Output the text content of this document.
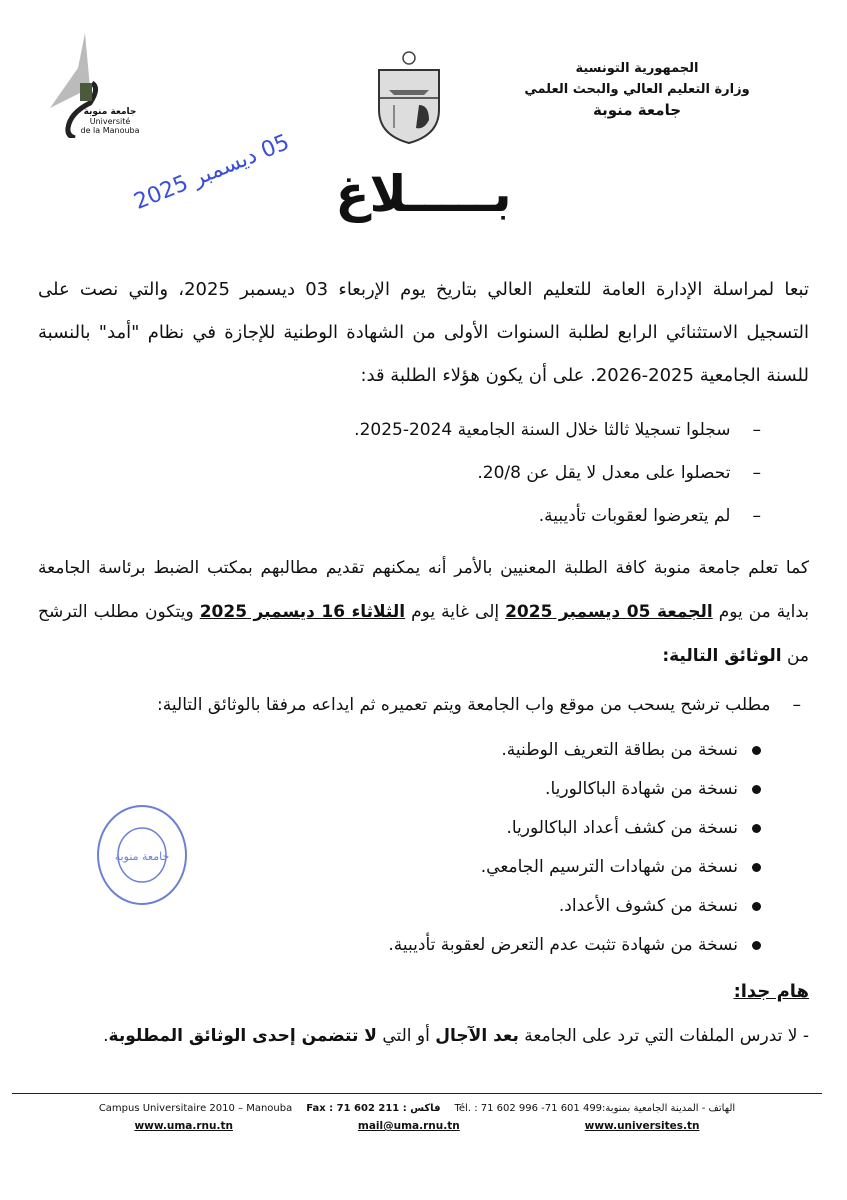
الجمهورية التونسية
وزارة التعليم العالي والبحث العلمي
جامعة منوبة
جامعة منوبة
Université
de la Manouba
05 ديسمبر 2025
بـــــلاغ
جامعة منوبة

تبعا لمراسلة الإدارة العامة للتعليم العالي بتاريخ يوم الإربعاء 03 ديسمبر 2025، والتي نصت على التسجيل الاستثنائي الرابع لطلبة السنوات الأولى من الشهادة الوطنية للإجازة في نظام "أمد" بالنسبة للسنة الجامعية 2025-2026. على أن يكون هؤلاء الطلبة قد:

–سجلوا تسجيلا ثالثا خلال السنة الجامعية 2024-2025.
–تحصلوا على معدل لا يقل عن 20/8.
–لم يتعرضوا لعقوبات تأديبية.

كما تعلم جامعة منوبة كافة الطلبة المعنيين بالأمر أنه يمكنهم تقديم مطالبهم بمكتب الضبط برئاسة الجامعة بداية من يوم الجمعة 05 ديسمبر 2025 إلى غاية يوم الثلاثاء 16 ديسمبر 2025 ويتكون مطلب الترشح من الوثائق التالية:

–مطلب ترشح يسحب من موقع واب الجامعة ويتم تعميره ثم ايداعه مرفقا بالوثائق التالية:
نسخة من بطاقة التعريف الوطنية.
نسخة من شهادة الباكالوريا.
نسخة من كشف أعداد الباكالوريا.
نسخة من شهادات الترسيم الجامعي.
نسخة من كشوف الأعداد.
نسخة من شهادة تثبت عدم التعرض لعقوبة تأديبية.
هام جدا:
- لا تدرس الملفات التي ترد على الجامعة بعد الآجال أو التي لا تتضمن إحدى الوثائق المطلوبة.
Campus Universitaire 2010 – Manouba Fax : 71 602 211 : فاكس Tél. : 71 602 996 -71 601 499:الهاتف - المدينة الجامعية بمنوبة
www.uma.rnu.tn	mail@uma.rnu.tn	www.universites.tn
